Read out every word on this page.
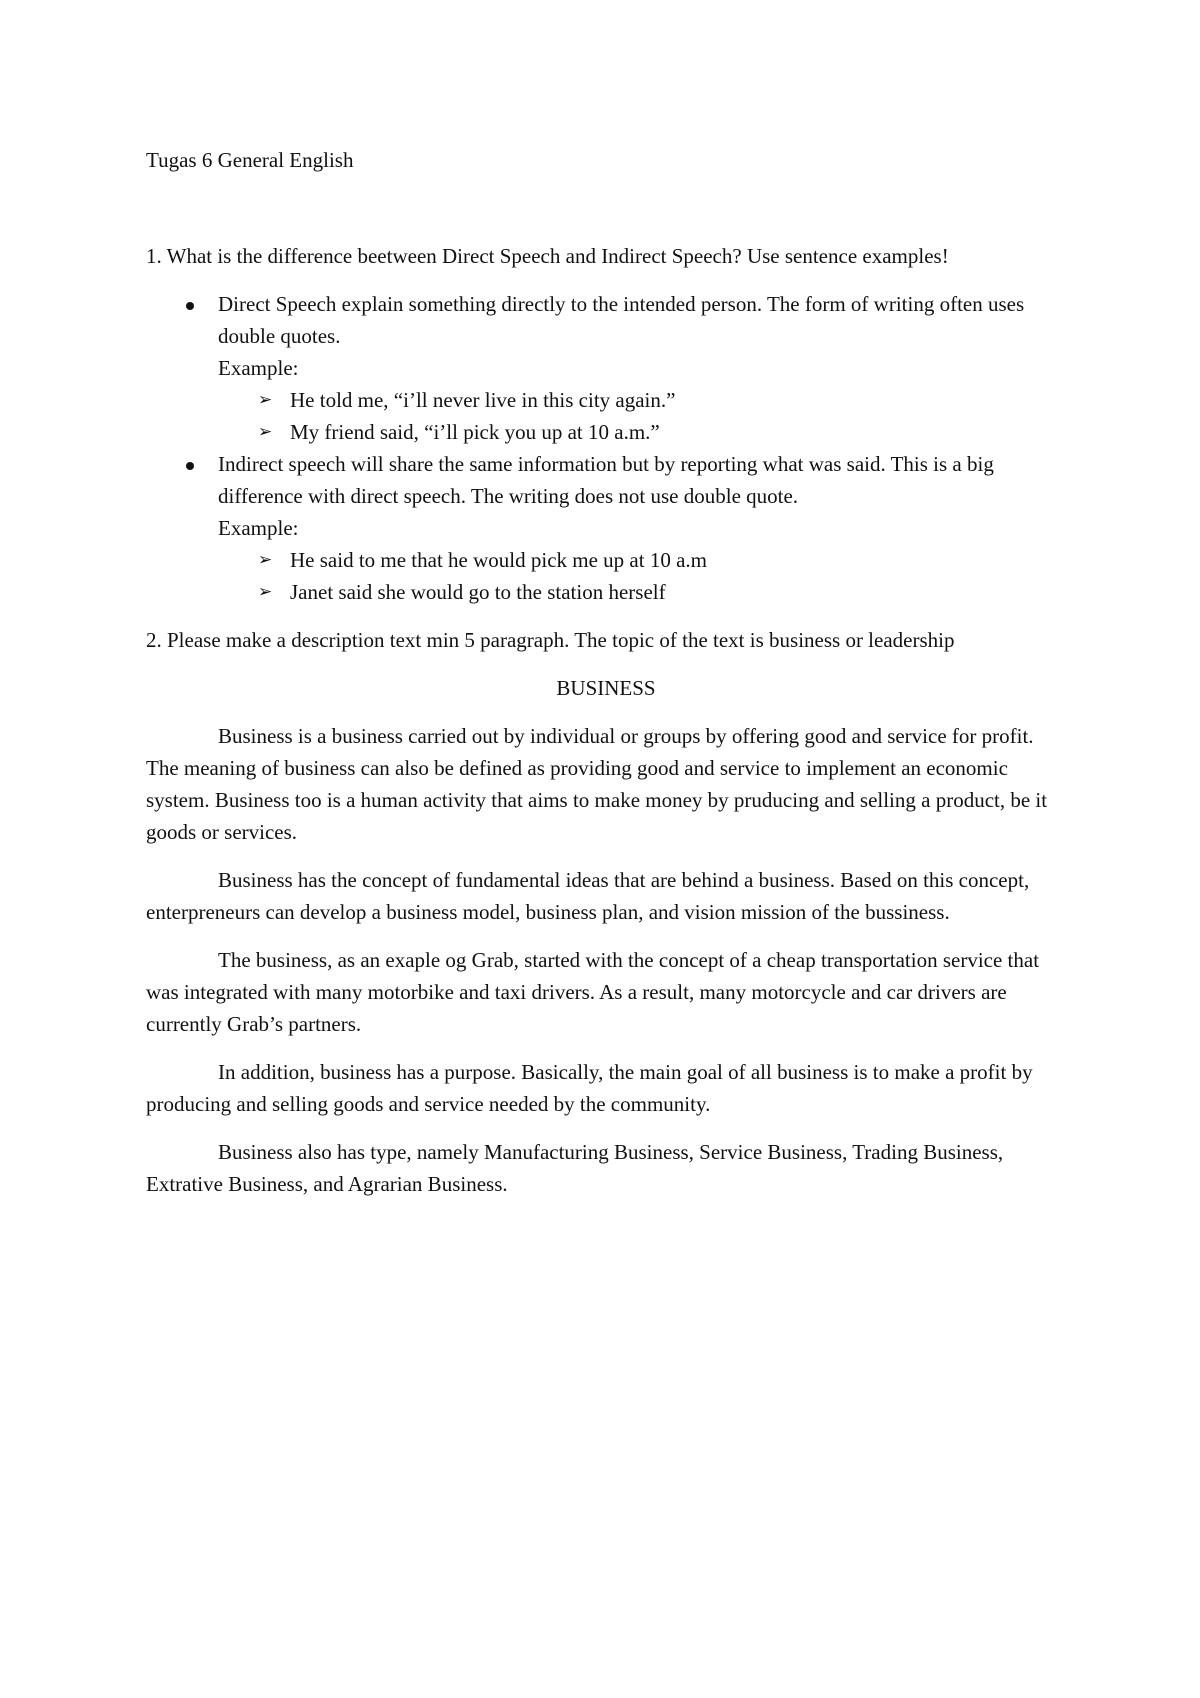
Tugas 6 General English

1. What is the difference beetween Direct Speech and Indirect Speech? Use sentence examples!

Direct Speech explain something directly to the intended person. The form of writing often uses double quotes.
Example:
➢ He told me, “i’ll never live in this city again.”
➢ My friend said, “i’ll pick you up at 10 a.m.”
Indirect speech will share the same information but by reporting what was said. This is a big difference with direct speech. The writing does not use double quote.
Example:
➢ He said to me that he would pick me up at 10 a.m
➢ Janet said she would go to the station herself

2. Please make a description text min 5 paragraph. The topic of the text is business or leadership

BUSINESS

Business is a business carried out by individual or groups by offering good and service for profit. The meaning of business can also be defined as providing good and service to implement an economic system. Business too is a human activity that aims to make money by pruducing and selling a product, be it goods or services.

Business has the concept of fundamental ideas that are behind a business. Based on this concept, enterpreneurs can develop a business model, business plan, and vision mission of the bussiness.

The business, as an exaple og Grab, started with the concept of a cheap transportation service that was integrated with many motorbike and taxi drivers. As a result, many motorcycle and car drivers are currently Grab’s partners.

In addition, business has a purpose. Basically, the main goal of all business is to make a profit by producing and selling goods and service needed by the community.

Business also has type, namely Manufacturing Business, Service Business, Trading Business, Extrative Business, and Agrarian Business.
